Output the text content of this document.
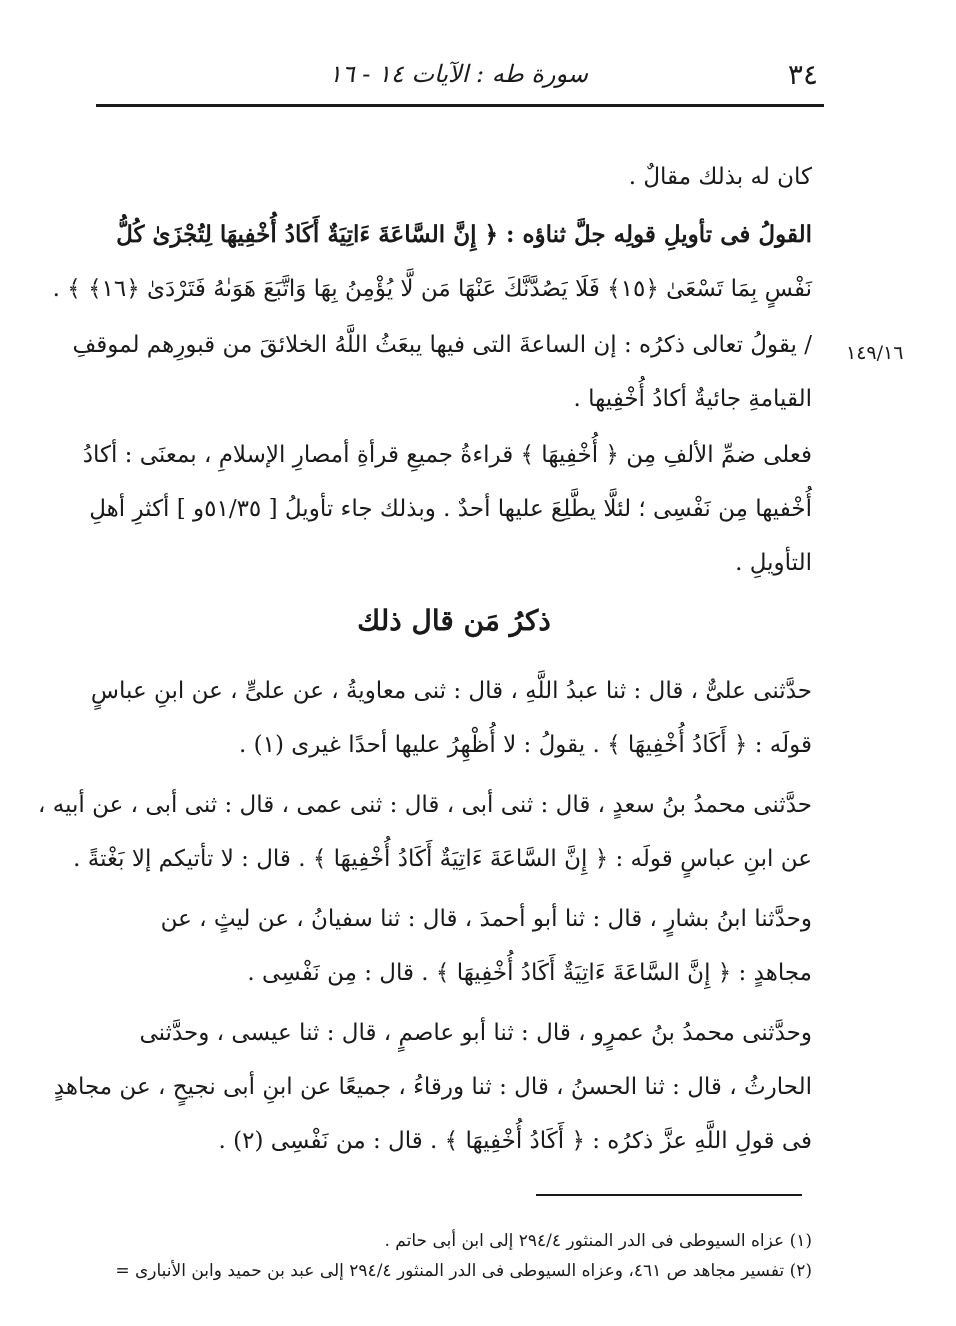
٣٤
سورة طه : الآيات ١٤ - ١٦
١٤٩/١٦
كان له بذلك مقالٌ .
القولُ فى تأويلِ قولِه جلَّ ثناؤه : ﴿ إِنَّ السَّاعَةَ ءَاتِيَةٌ أَكَادُ أُخْفِيهَا لِتُجْزَىٰ كُلُّ
نَفْسٍ بِمَا تَسْعَىٰ ﴿١٥﴾ فَلَا يَصُدَّنَّكَ عَنْهَا مَن لَّا يُؤْمِنُ بِهَا وَاتَّبَعَ هَوَىٰهُ فَتَرْدَىٰ ﴿١٦﴾ ﴾ .
/ يقولُ تعالى ذكرُه : إن الساعةَ التى فيها يبعَثُ اللَّهُ الخلائقَ من قبورِهم لموقفِ
القيامةِ جائيةٌ أكادُ أُخْفِيها .
فعلى ضمِّ الألفِ مِن ﴿ أُخْفِيهَا ﴾ قراءةُ جميعِ قرأةِ أمصارِ الإسلامِ ، بمعنَى : أكادُ
أُخْفيها مِن نَفْسِى ؛ لئلَّا يطَّلِعَ عليها أحدٌ . وبذلك جاء تأويلُ [ ٥١/٣٥و ] أكثرِ أهلِ
التأويلِ .
ذكرُ مَن قال ذلك
حدَّثنى علىٌّ ، قال : ثنا عبدُ اللَّهِ ، قال : ثنى معاويةُ ، عن علىٍّ ، عن ابنِ عباسٍ
قولَه : ﴿ أَكَادُ أُخْفِيهَا ﴾ . يقولُ : لا أُظْهِرُ عليها أحدًا غيرى (١) .
حدَّثنى محمدُ بنُ سعدٍ ، قال : ثنى أبى ، قال : ثنى عمى ، قال : ثنى أبى ، عن أبيه ،
عن ابنِ عباسٍ قولَه : ﴿ إِنَّ السَّاعَةَ ءَاتِيَةٌ أَكَادُ أُخْفِيهَا ﴾ . قال : لا تأتيكم إلا بَغْتةً .
وحدَّثنا ابنُ بشارٍ ، قال : ثنا أبو أحمدَ ، قال : ثنا سفيانُ ، عن ليثٍ ، عن
مجاهدٍ : ﴿ إِنَّ السَّاعَةَ ءَاتِيَةٌ أَكَادُ أُخْفِيهَا ﴾ . قال : مِن نَفْسِى .
وحدَّثنى محمدُ بنُ عمرٍو ، قال : ثنا أبو عاصمٍ ، قال : ثنا عيسى ، وحدَّثنى
الحارثُ ، قال : ثنا الحسنُ ، قال : ثنا ورقاءُ ، جميعًا عن ابنِ أبى نجيحٍ ، عن مجاهدٍ
فى قولِ اللَّهِ عزَّ ذكرُه : ﴿ أَكَادُ أُخْفِيهَا ﴾ . قال : من نَفْسِى (٢) .
(١) عزاه السيوطى فى الدر المنثور ٢٩٤/٤ إلى ابن أبى حاتم .
(٢) تفسير مجاهد ص ٤٦١، وعزاه السيوطى فى الدر المنثور ٢٩٤/٤ إلى عبد بن حميد وابن الأنبارى =
